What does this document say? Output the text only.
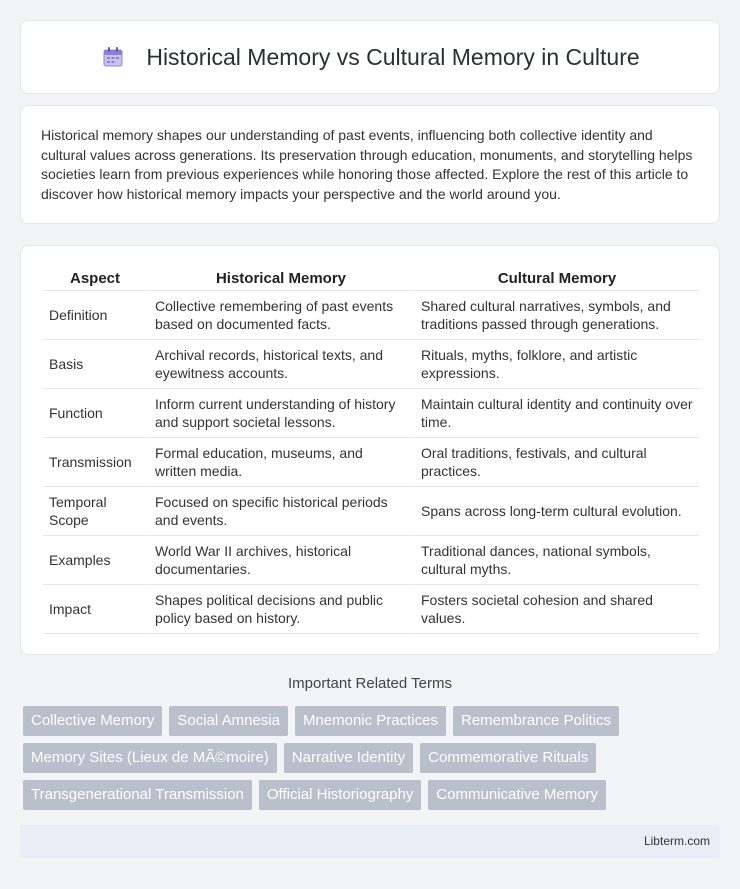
Historical Memory vs Cultural Memory in Culture

Historical memory shapes our understanding of past events, influencing both collective identity and cultural values across generations. Its preservation through education, monuments, and storytelling helps societies learn from previous experiences while honoring those affected. Explore the rest of this article to discover how historical memory impacts your perspective and the world around you.

Aspect	Historical Memory	Cultural Memory
Definition	Collective remembering of past events based on documented facts.	Shared cultural narratives, symbols, and traditions passed through generations.
Basis	Archival records, historical texts, and eyewitness accounts.	Rituals, myths, folklore, and artistic expressions.
Function	Inform current understanding of history and support societal lessons.	Maintain cultural identity and continuity over time.
Transmission	Formal education, museums, and written media.	Oral traditions, festivals, and cultural practices.
Temporal Scope	Focused on specific historical periods and events.	Spans across long-term cultural evolution.
Examples	World War II archives, historical documentaries.	Traditional dances, national symbols, cultural myths.
Impact	Shapes political decisions and public policy based on history.	Fosters societal cohesion and shared values.
Important Related Terms
Collective Memory	Social Amnesia	Mnemonic Practices	Remembrance Politics
Memory Sites (Lieux de MÃ©moire)	Narrative Identity	Commemorative Rituals
Transgenerational Transmission	Official Historiography	Communicative Memory
Libterm.com
